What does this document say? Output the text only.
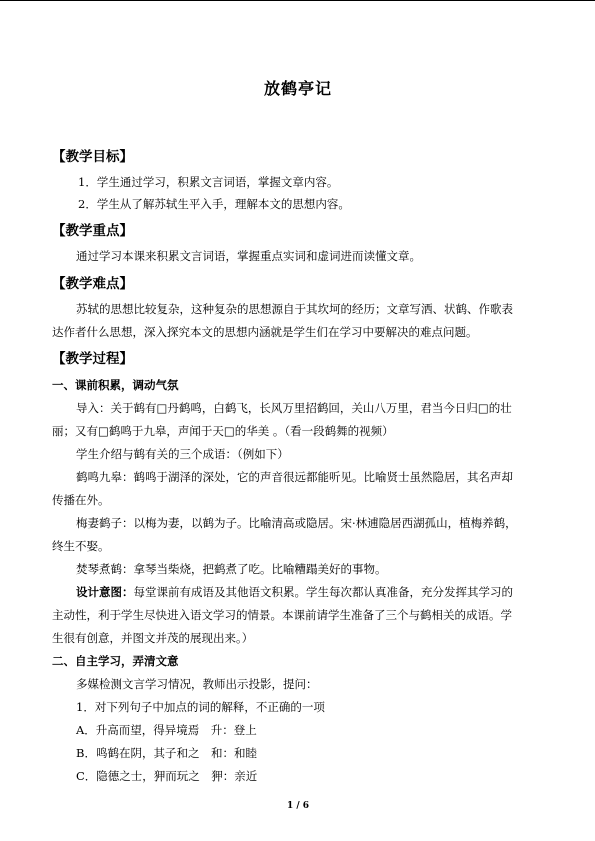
放鹤亭记
【教学目标】
1．学生通过学习，积累文言词语，掌握文章内容。
2．学生从了解苏轼生平入手，理解本文的思想内容。
【教学重点】
通过学习本课来积累文言词语，掌握重点实词和虚词进而读懂文章。
【教学难点】
苏轼的思想比较复杂，这种复杂的思想源自于其坎坷的经历；文章写洒、状鹤、作歌表
达作者什么思想，深入探究本文的思想内涵就是学生们在学习中要解决的难点问题。
【教学过程】
一、课前积累，调动气氛
导入：关于鹤有□丹鹤鸣，白鹤飞，长风万里招鹤回，关山八万里，君当今日归□的壮
丽；又有□鹤鸣于九皋，声闻于天□的华美 。（看一段鹤舞的视频）
学生介绍与鹤有关的三个成语：（例如下）
鹤鸣九皋：鹤鸣于湖泽的深处，它的声音很远都能听见。比喻贤士虽然隐居，其名声却
传播在外。
梅妻鹤子：以梅为妻，以鹤为子。比喻清高或隐居。宋·林逋隐居西湖孤山，植梅养鹤，
终生不娶。
焚琴煮鹤：拿琴当柴烧，把鹤煮了吃。比喻糟蹋美好的事物。
设计意图：每堂课前有成语及其他语文积累。学生每次都认真准备，充分发挥其学习的
主动性，利于学生尽快进入语文学习的情景。本课前请学生准备了三个与鹤相关的成语。学
生很有创意，并图文并茂的展现出来。）
二、自主学习，弄清文意
多媒检测文言学习情况，教师出示投影，提问：
1．对下列句子中加点的词的解释，不正确的一项
A．升高而望，得异境焉　升：登上
B．鸣鹤在阴，其子和之　和：和睦
C．隐德之士，狎而玩之　狎：亲近
1 / 6
